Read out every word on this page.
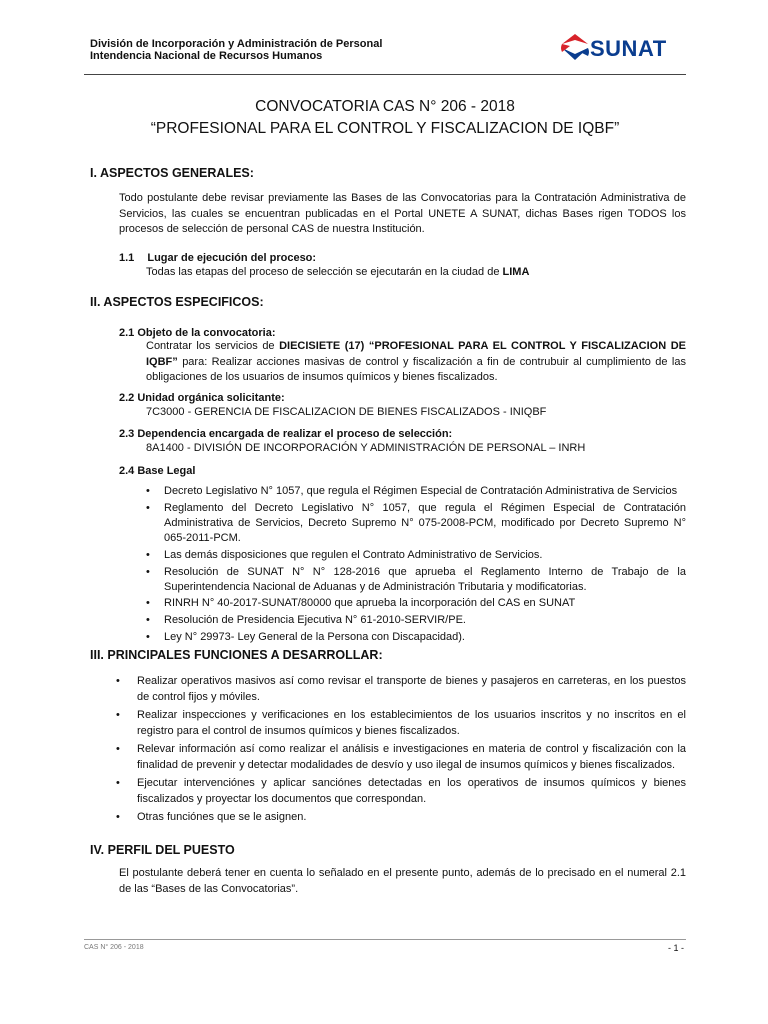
División de Incorporación y Administración de Personal
Intendencia Nacional de Recursos Humanos	SUNAT
CONVOCATORIA CAS N° 206 - 2018
“PROFESIONAL PARA EL CONTROL Y FISCALIZACION DE IQBF”
I. ASPECTOS GENERALES:
Todo postulante debe revisar previamente las Bases de las Convocatorias para la Contratación Administrativa de Servicios, las cuales se encuentran publicadas en el Portal UNETE A SUNAT, dichas Bases rigen TODOS los procesos de selección de personal CAS de nuestra Institución.
1.1 Lugar de ejecución del proceso:
Todas las etapas del proceso de selección se ejecutarán en la ciudad de LIMA
II. ASPECTOS ESPECIFICOS:
2.1 Objeto de la convocatoria:
Contratar los servicios de DIECISIETE (17) “PROFESIONAL PARA EL CONTROL Y FISCALIZACION DE IQBF” para: Realizar acciones masivas de control y fiscalización a fin de contrubuir al cumplimiento de las obligaciones de los usuarios de insumos químicos y bienes fiscalizados.
2.2 Unidad orgánica solicitante:
7C3000 - GERENCIA DE FISCALIZACION DE BIENES FISCALIZADOS - INIQBF
2.3 Dependencia encargada de realizar el proceso de selección:
8A1400 - DIVISIÓN DE INCORPORACIÓN Y ADMINISTRACIÓN DE PERSONAL – INRH
2.4 Base Legal
• Decreto Legislativo N° 1057, que regula el Régimen Especial de Contratación Administrativa de Servicios
• Reglamento del Decreto Legislativo N° 1057, que regula el Régimen Especial de Contratación Administrativa de Servicios, Decreto Supremo N° 075-2008-PCM, modificado por Decreto Supremo N° 065-2011-PCM.
• Las demás disposiciones que regulen el Contrato Administrativo de Servicios.
• Resolución de SUNAT N° N° 128-2016 que aprueba el Reglamento Interno de Trabajo de la Superintendencia Nacional de Aduanas y de Administración Tributaria y modificatorias.
• RINRH N° 40-2017-SUNAT/80000 que aprueba la incorporación del CAS en SUNAT
• Resolución de Presidencia Ejecutiva N° 61-2010-SERVIR/PE.
• Ley N° 29973- Ley General de la Persona con Discapacidad).
III. PRINCIPALES FUNCIONES A DESARROLLAR:
• Realizar operativos masivos así como revisar el transporte de bienes y pasajeros en carreteras, en los puestos de control fijos y móviles.
• Realizar inspecciones y verificaciones en los establecimientos de los usuarios inscritos y no inscritos en el registro para el control de insumos químicos y bienes fiscalizados.
• Relevar información así como realizar el análisis e investigaciones en materia de control y fiscalización con la finalidad de prevenir y detectar modalidades de desvío y uso ilegal de insumos químicos y bienes fiscalizados.
• Ejecutar intervenciónes y aplicar sanciónes detectadas en los operativos de insumos químicos y bienes fiscalizados y proyectar los documentos que correspondan.
• Otras funciónes que se le asignen.
IV. PERFIL DEL PUESTO
El postulante deberá tener en cuenta lo señalado en el presente punto, además de lo precisado en el numeral 2.1 de las “Bases de las Convocatorias”.
CAS N° 206 - 2018	- 1 -
